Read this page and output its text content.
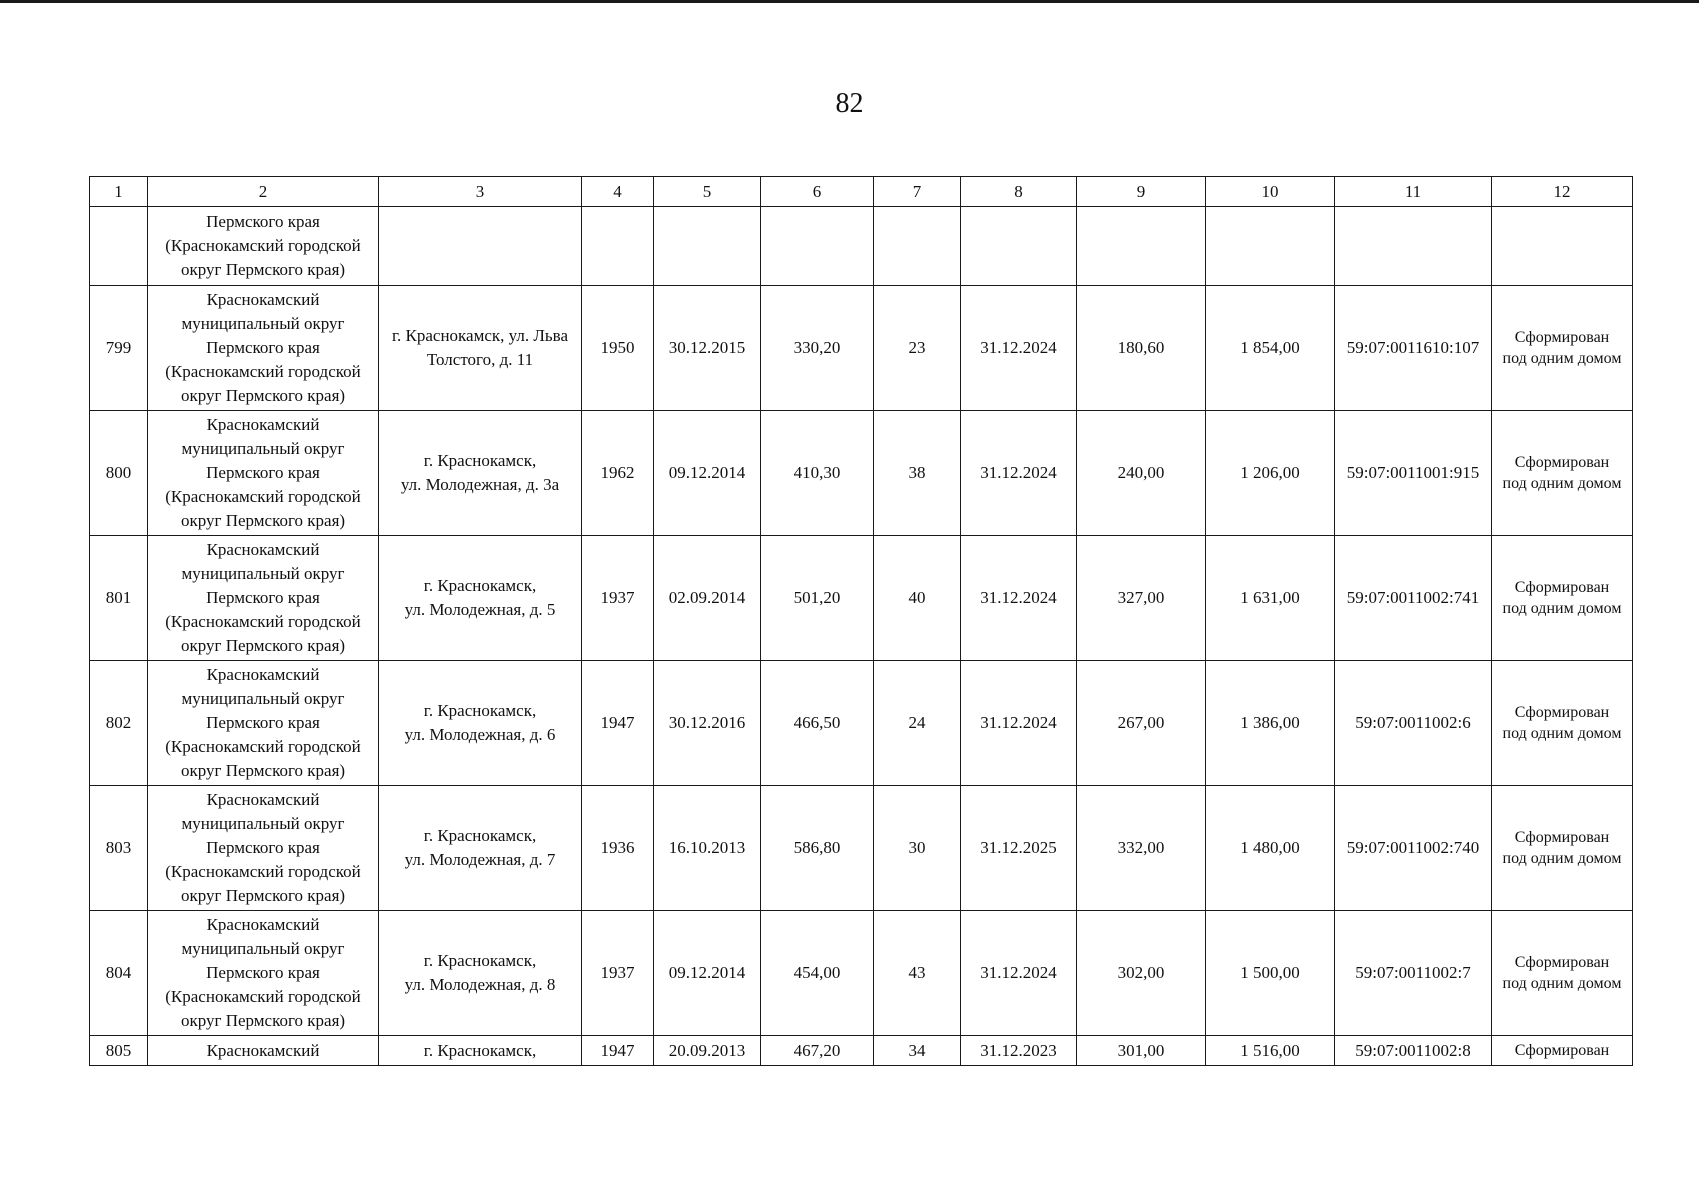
82
1	2	3	4	5	6	7	8	9	10	11	12

	Пермского края
(Краснокамский городской
округ Пермского края)										

799	Краснокамский
муниципальный округ
Пермского края
(Краснокамский городской
округ Пермского края)	г. Краснокамск, ул. Льва
Толстого, д. 11	1950	30.12.2015	330,20	23	31.12.2024	180,60	1 854,00	59:07:0011610:107	Сформирован
под одним домом

800	Краснокамский
муниципальный округ
Пермского края
(Краснокамский городской
округ Пермского края)	г. Краснокамск,
ул. Молодежная, д. 3а	1962	09.12.2014	410,30	38	31.12.2024	240,00	1 206,00	59:07:0011001:915	Сформирован
под одним домом

801	Краснокамский
муниципальный округ
Пермского края
(Краснокамский городской
округ Пермского края)	г. Краснокамск,
ул. Молодежная, д. 5	1937	02.09.2014	501,20	40	31.12.2024	327,00	1 631,00	59:07:0011002:741	Сформирован
под одним домом

802	Краснокамский
муниципальный округ
Пермского края
(Краснокамский городской
округ Пермского края)	г. Краснокамск,
ул. Молодежная, д. 6	1947	30.12.2016	466,50	24	31.12.2024	267,00	1 386,00	59:07:0011002:6	Сформирован
под одним домом

803	Краснокамский
муниципальный округ
Пермского края
(Краснокамский городской
округ Пермского края)	г. Краснокамск,
ул. Молодежная, д. 7	1936	16.10.2013	586,80	30	31.12.2025	332,00	1 480,00	59:07:0011002:740	Сформирован
под одним домом

804	Краснокамский
муниципальный округ
Пермского края
(Краснокамский городской
округ Пермского края)	г. Краснокамск,
ул. Молодежная, д. 8	1937	09.12.2014	454,00	43	31.12.2024	302,00	1 500,00	59:07:0011002:7	Сформирован
под одним домом

805	Краснокамский	г. Краснокамск,	1947	20.09.2013	467,20	34	31.12.2023	301,00	1 516,00	59:07:0011002:8	Сформирован
